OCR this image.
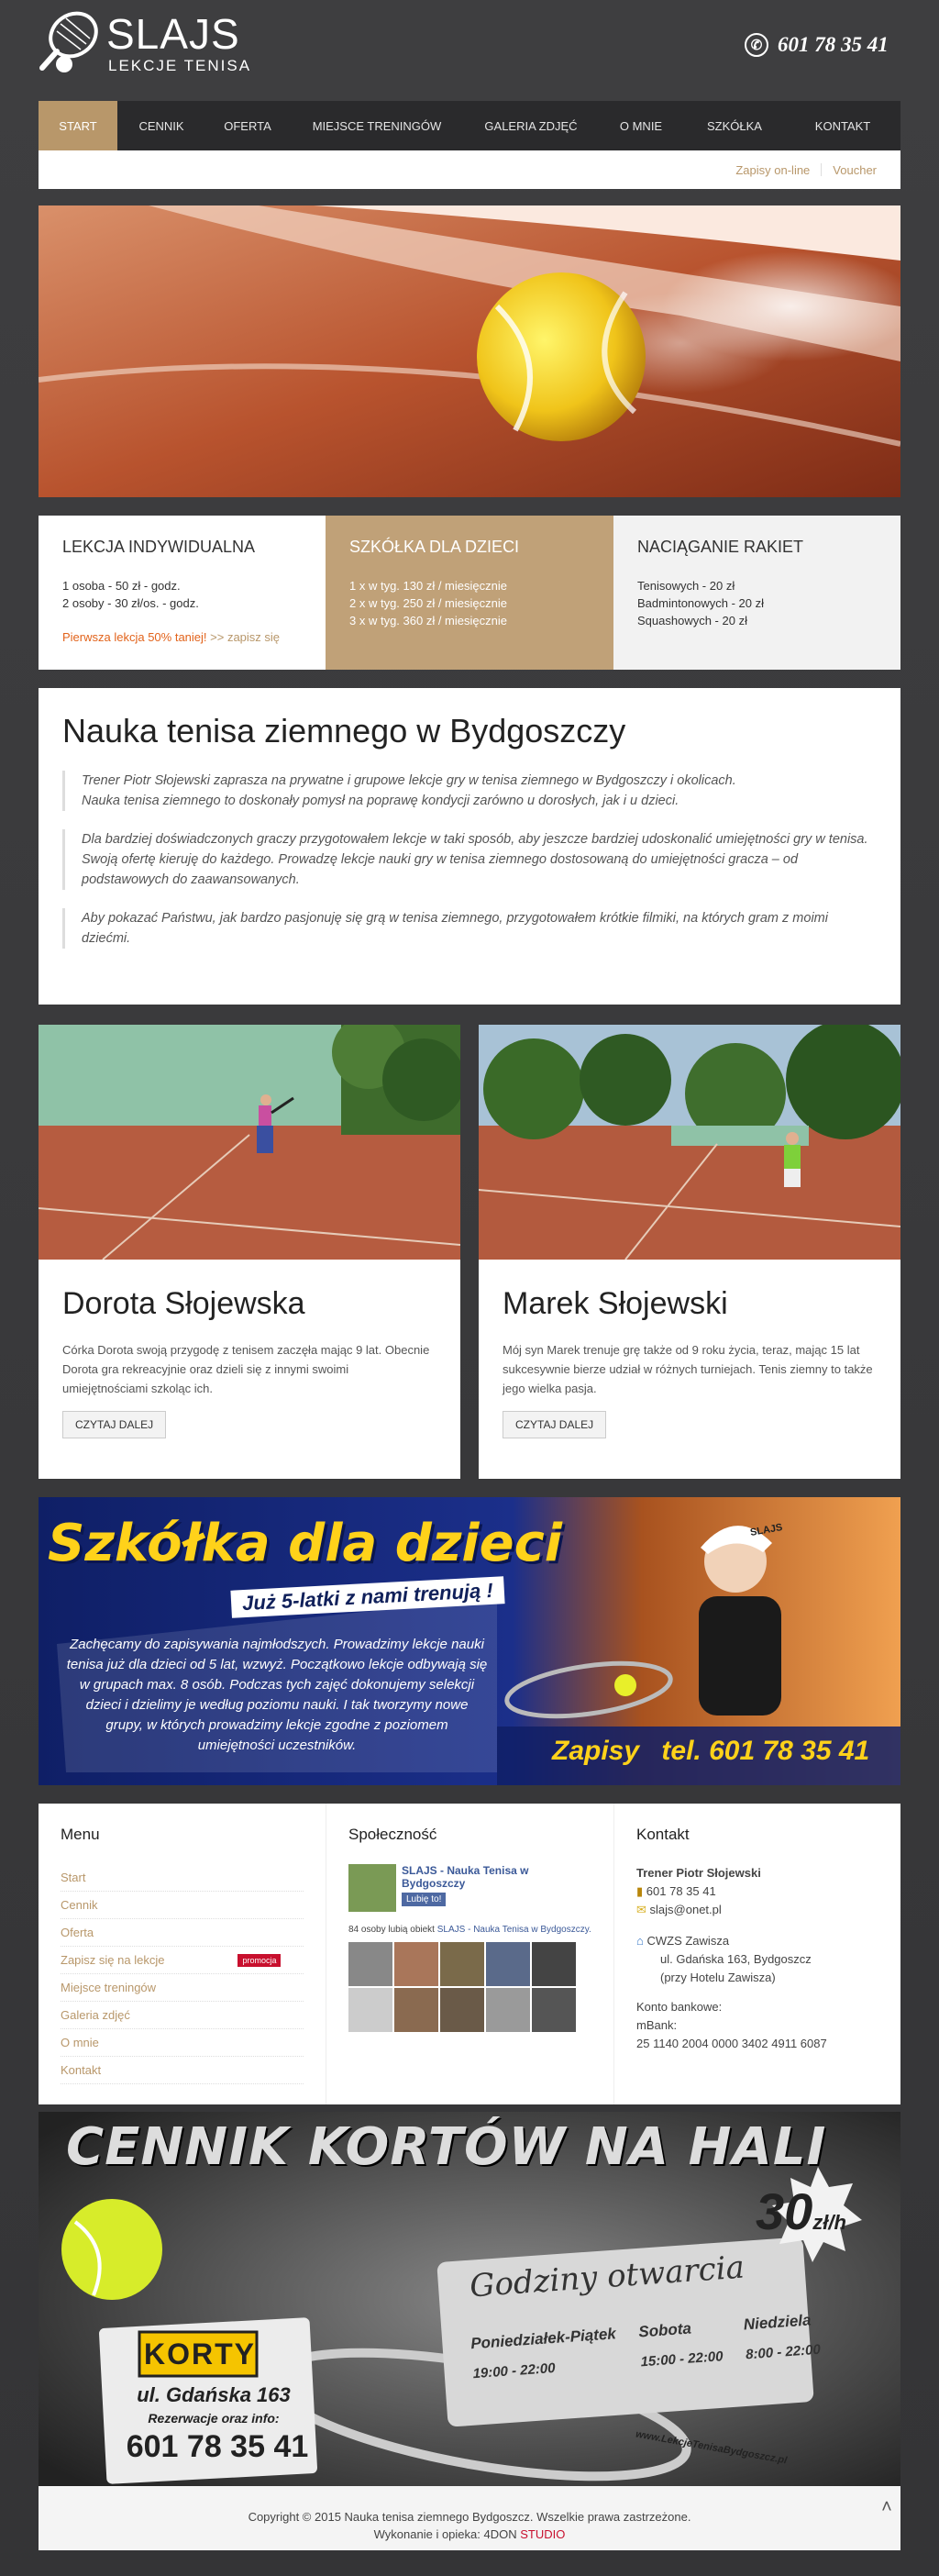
SLAJS
LEKCJE TENISA
✆ 601 78 35 41
START	CENNIK	OFERTA	MIEJSCE TRENINGÓW	GALERIA ZDJĘĆ	O MNIE	SZKÓŁKA	KONTAKT
Zapisy on-line Voucher
LEKCJA INDYWIDUALNA

1 osoba - 50 zł - godz.

2 osoby - 30 zł/os. - godz.

Pierwsza lekcja 50% taniej! >> zapisz się

SZKÓŁKA DLA DZIECI

1 x w tyg. 130 zł / miesięcznie

2 x w tyg. 250 zł / miesięcznie

3 x w tyg. 360 zł / miesięcznie

NACIĄGANIE RAKIET

Tenisowych - 20 zł

Badmintonowych - 20 zł

Squashowych - 20 zł

Nauka tenisa ziemnego w Bydgoszczy
Trener Piotr Słojewski zaprasza na prywatne i grupowe lekcje gry w tenisa ziemnego w Bydgoszczy i okolicach.
Nauka tenisa ziemnego to doskonały pomysł na poprawę kondycji zarówno u dorosłych, jak i u dzieci.
Dla bardziej doświadczonych graczy przygotowałem lekcje w taki sposób, aby jeszcze bardziej udoskonalić umiejętności gry w tenisa. Swoją ofertę kieruję do każdego. Prowadzę lekcje nauki gry w tenisa ziemnego dostosowaną do umiejętności gracza – od podstawowych do zaawansowanych.
Aby pokazać Państwu, jak bardzo pasjonuję się grą w tenisa ziemnego, przygotowałem krótkie filmiki, na których gram z moimi dziećmi.
Dorota Słojewska

Córka Dorota swoją przygodę z tenisem zaczęła mając 9 lat. Obecnie Dorota gra rekreacyjnie oraz dzieli się z innymi swoimi umiejętnościami szkoląc ich.

CZYTAJ DALEJ
Marek Słojewski

Mój syn Marek trenuje grę także od 9 roku życia, teraz, mając 15 lat sukcesywnie bierze udział w różnych turniejach. Tenis ziemny to także jego wielka pasja.

CZYTAJ DALEJ
Szkółka dla dzieci
Już 5-latki z nami trenują !
Zachęcamy do zapisywania najmłodszych. Prowadzimy lekcje nauki tenisa już dla dzieci od 5 lat, wzwyż. Początkowo lekcje odbywają się w grupach max. 8 osób. Podczas tych zajęć dokonujemy selekcji dzieci i dzielimy je według poziomu nauki. I tak tworzymy nowe grupy, w których prowadzimy lekcje zgodne z poziomem umiejętności uczestników.	Zapisy tel. 601 78 35 41
SLAJS
Menu
Start
Cennik
Oferta
Zapisz się na lekcje	promocja
Miejsce treningów
Galeria zdjęć
O mnie
Kontakt
Społeczność
SLAJS - Nauka Tenisa w Bydgoszczy
Lubię to!
84 osoby lubią obiekt SLAJS - Nauka Tenisa w Bydgoszczy.
Kontakt
Trener Piotr Słojewski
▮ 601 78 35 41
✉ slajs@onet.pl
⌂ CWZS Zawisza
ul. Gdańska 163, Bydgoszcz
(przy Hotelu Zawisza)
Konto bankowe:
mBank:
25 1140 2004 0000 3402 4911 6087
CENNIK KORTÓW NA HALI
Godziny otwarcia
30zł/h
Poniedziałek-Piątek
19:00 - 22:00
Sobota
15:00 - 22:00
Niedziela
8:00 - 22:00
KORTY
ul. Gdańska 163
Rezerwacje oraz info:
601 78 35 41	www.LekcjeTenisaBydgoszcz.pl
Copyright © 2015 Nauka tenisa ziemnego Bydgoszcz. Wszelkie prawa zastrzeżone.
Wykonanie i opieka: 4DON STUDIO
˄
